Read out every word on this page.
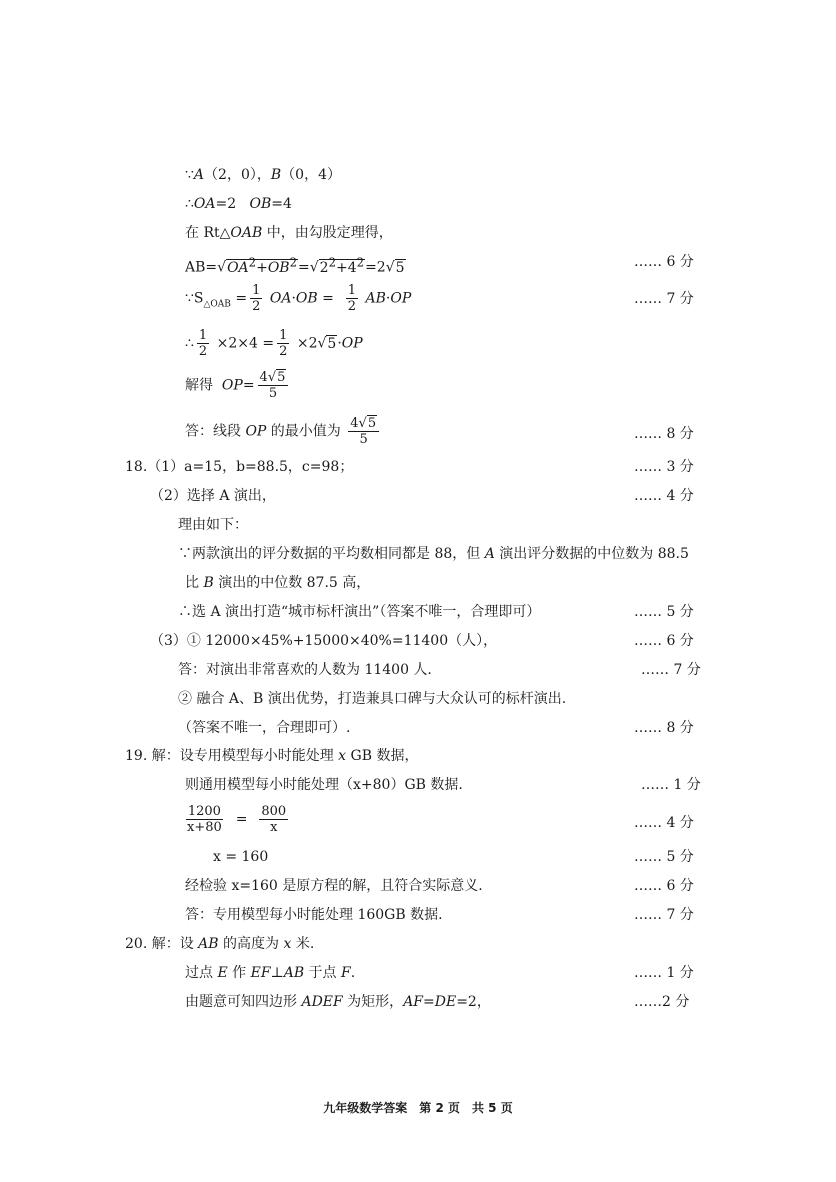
∵A（2，0），B（0，4）
∴OA=2 OB=4
在 Rt△OAB 中，由勾股定理得，
$AB=√OA^2+OB^2=√2^2+4^2=2√5$	…… 6 分
$\because S_{\triangle OAB} = \frac{1}{2} OA\cdot OB = \frac{1}{2} AB\cdot OP$	…… 7 分
∴ $\frac{1}{2} \times 2\times 4 = \frac{1}{2} \times 2√5\cdot OP$
解得 $OP= \frac{4√5}{5}$
答：线段 OP 的最小值为 $\frac{4√5}{5}$	…… 8 分
18.（1）a=15，b=88.5，c=98；	…… 3 分
（2）选择 A 演出，	…… 4 分
理由如下：
∵两款演出的评分数据的平均数相同都是 88，但 A 演出评分数据的中位数为 88.5
比 B 演出的中位数 87.5 高，
∴选 A 演出打造“城市标杆演出”（答案不唯一，合理即可）	…… 5 分
（3）① 12000×45%+15000×40%=11400（人），	…… 6 分
答：对演出非常喜欢的人数为 11400 人.	…… 7 分
② 融合 A、B 演出优势，打造兼具口碑与大众认可的标杆演出.
（答案不唯一，合理即可）.	…… 8 分
19. 解：设专用模型每小时能处理 x GB 数据，
则通用模型每小时能处理（x+80）GB 数据.	…… 1 分
$\frac{1200}{x+80} = \frac{800}{x}$	…… 4 分
x = 160	…… 5 分
经检验 x=160 是原方程的解，且符合实际意义.	…… 6 分
答：专用模型每小时能处理 160GB 数据.	…… 7 分
20. 解：设 AB 的高度为 x 米.
过点 E 作 EF⊥AB 于点 F.	…… 1 分
由题意可知四边形 ADEF 为矩形，AF=DE=2，	……2 分
九年级数学答案　第 2 页　共 5 页
